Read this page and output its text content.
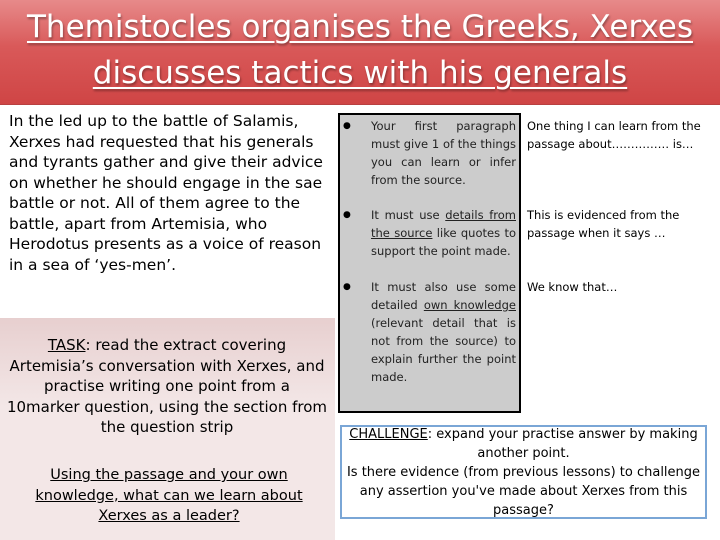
Themistocles organises the Greeks, Xerxes
discusses tactics with his generals
In the led up to the battle of Salamis, Xerxes had requested that his generals and tyrants gather and give their advice on whether he should engage in the sae battle or not. All of them agree to the battle, apart from Artemisia, who Herodotus presents as a voice of reason in a sea of ‘yes-men’.
TASK: read the extract covering Artemisia’s conversation with Xerxes, and practise writing one point from a 10marker question, using the section from the question strip
Using the passage and your own knowledge, what can we learn about Xerxes as a leader?
● Your first paragraph must give 1 of the things you can learn or infer from the source.
● It must use details from the source like quotes to support the point made.
● It must also use some detailed own knowledge (relevant detail that is not from the source) to explain further the point made.
One thing I can learn from the passage about…………… is…
This is evidenced from the passage when it says …
We know that…
CHALLENGE: expand your practise answer by making another point.
Is there evidence (from previous lessons) to challenge any assertion you've made about Xerxes from this passage?
